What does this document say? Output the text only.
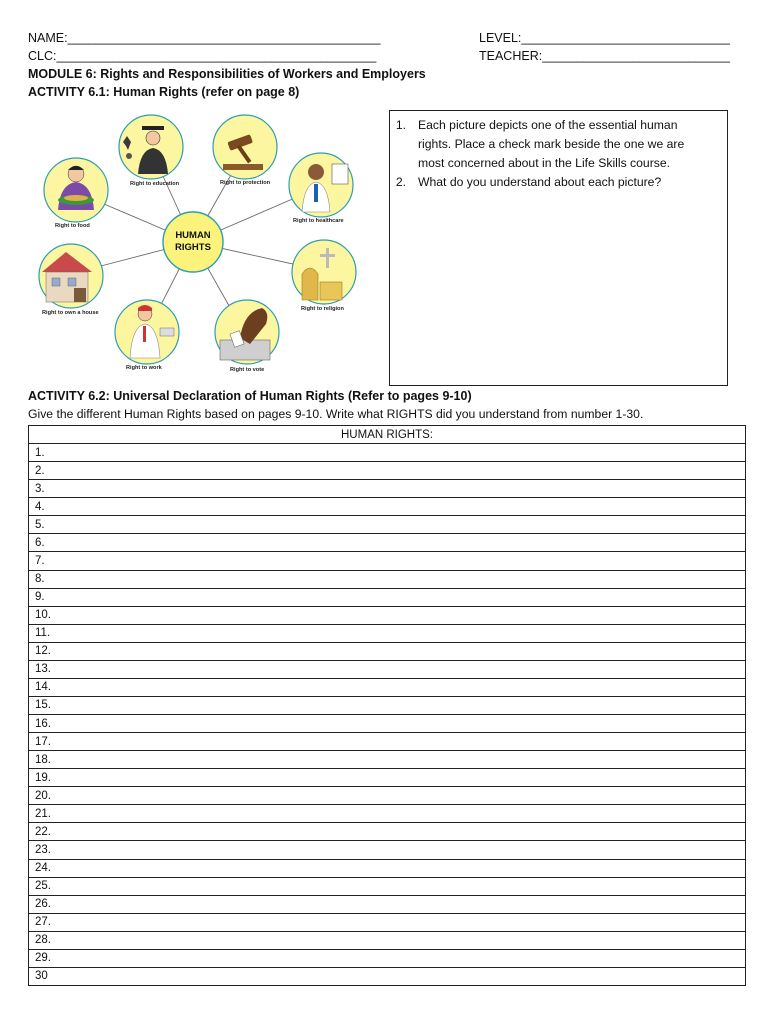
NAME:_____________________________________________	LEVEL:______________________________
CLC:______________________________________________	TEACHER:___________________________
MODULE 6: Rights and Responsibilities of Workers and Employers
ACTIVITY 6.1: Human Rights (refer on page 8)
Right to education	Right to protection
Right to healthcare
Right to religion
Right to vote
Right to work
Right to own a house
Right to food
HUMAN
RIGHTS
1. Each picture depicts one of the essential human
rights. Place a check mark beside the one we are
most concerned about in the Life Skills course.
2. What do you understand about each picture?
ACTIVITY 6.2: Universal Declaration of Human Rights (Refer to pages 9-10)
Give the different Human Rights based on pages 9-10. Write what RIGHTS did you understand from number 1-30.
HUMAN RIGHTS:
1.
2.
3.
4.
5.
6.
7.
8.
9.
10.
11.
12.
13.
14.
15.
16.
17.
18.
19.
20.
21.
22.
23.
24.
25.
26.
27.
28.
29.
30
